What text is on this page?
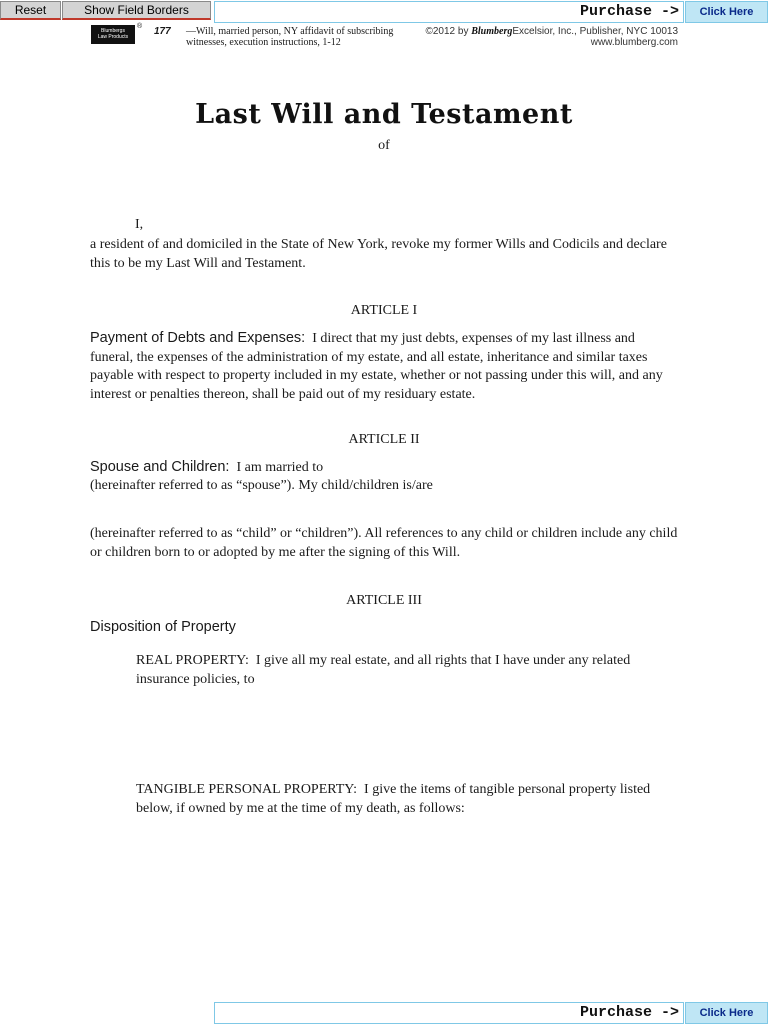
Reset	Show Field Borders	Purchase ->	Click Here
Blumbergs
Law Products
® 177 —Will, married person, NY affidavit of subscribing witnesses, execution instructions, 1-12
©2012 by BlumbergExcelsior, Inc., Publisher, NYC 10013
www.blumberg.com
Last Will and Testament
of
I,
a resident of and domiciled in the State of New York, revoke my former Wills and Codicils and declare this to be my Last Will and Testament.
ARTICLE I
Payment of Debts and Expenses: I direct that my just debts, expenses of my last illness and funeral, the expenses of the administration of my estate, and all estate, inheritance and similar taxes payable with respect to property included in my estate, whether or not passing under this will, and any interest or penalties thereon, shall be paid out of my residuary estate.
ARTICLE II
Spouse and Children: I am married to
(hereinafter referred to as “spouse”). My child/children is/are
(hereinafter referred to as “child” or “children”). All references to any child or children include any child or children born to or adopted by me after the signing of this Will.
ARTICLE III
Disposition of Property
REAL PROPERTY: I give all my real estate, and all rights that I have under any related insurance policies, to
TANGIBLE PERSONAL PROPERTY: I give the items of tangible personal property listed below, if owned by me at the time of my death, as follows:
Purchase ->	Click Here
